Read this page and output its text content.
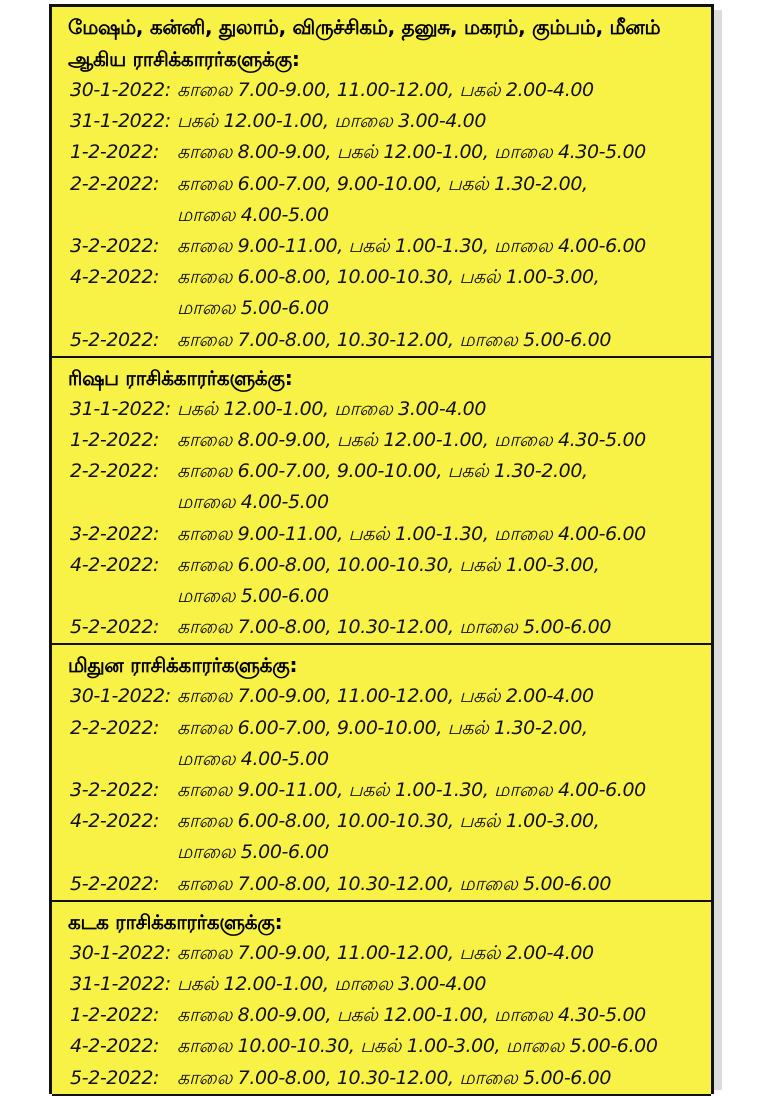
மேஷம், கன்னி, துலாம், விருச்சிகம், தனுசு, மகரம், கும்பம், மீனம்
ஆகிய ராசிக்காரர்களுக்கு:
30-1-2022: காலை 7.00-9.00, 11.00-12.00, பகல் 2.00-4.00
31-1-2022: பகல் 12.00-1.00, மாலை 3.00-4.00
1-2-2022: காலை 8.00-9.00, பகல் 12.00-1.00, மாலை 4.30-5.00
2-2-2022: காலை 6.00-7.00, 9.00-10.00, பகல் 1.30-2.00,
மாலை 4.00-5.00
3-2-2022: காலை 9.00-11.00, பகல் 1.00-1.30, மாலை 4.00-6.00
4-2-2022: காலை 6.00-8.00, 10.00-10.30, பகல் 1.00-3.00,
மாலை 5.00-6.00
5-2-2022: காலை 7.00-8.00, 10.30-12.00, மாலை 5.00-6.00
ரிஷப ராசிக்காரர்களுக்கு:
31-1-2022: பகல் 12.00-1.00, மாலை 3.00-4.00
1-2-2022: காலை 8.00-9.00, பகல் 12.00-1.00, மாலை 4.30-5.00
2-2-2022: காலை 6.00-7.00, 9.00-10.00, பகல் 1.30-2.00,
மாலை 4.00-5.00
3-2-2022: காலை 9.00-11.00, பகல் 1.00-1.30, மாலை 4.00-6.00
4-2-2022: காலை 6.00-8.00, 10.00-10.30, பகல் 1.00-3.00,
மாலை 5.00-6.00
5-2-2022: காலை 7.00-8.00, 10.30-12.00, மாலை 5.00-6.00
மிதுன ராசிக்காரர்களுக்கு:
30-1-2022: காலை 7.00-9.00, 11.00-12.00, பகல் 2.00-4.00
2-2-2022: காலை 6.00-7.00, 9.00-10.00, பகல் 1.30-2.00,
மாலை 4.00-5.00
3-2-2022: காலை 9.00-11.00, பகல் 1.00-1.30, மாலை 4.00-6.00
4-2-2022: காலை 6.00-8.00, 10.00-10.30, பகல் 1.00-3.00,
மாலை 5.00-6.00
5-2-2022: காலை 7.00-8.00, 10.30-12.00, மாலை 5.00-6.00
கடக ராசிக்காரர்களுக்கு:
30-1-2022: காலை 7.00-9.00, 11.00-12.00, பகல் 2.00-4.00
31-1-2022: பகல் 12.00-1.00, மாலை 3.00-4.00
1-2-2022: காலை 8.00-9.00, பகல் 12.00-1.00, மாலை 4.30-5.00
4-2-2022: காலை 10.00-10.30, பகல் 1.00-3.00, மாலை 5.00-6.00
5-2-2022: காலை 7.00-8.00, 10.30-12.00, மாலை 5.00-6.00
